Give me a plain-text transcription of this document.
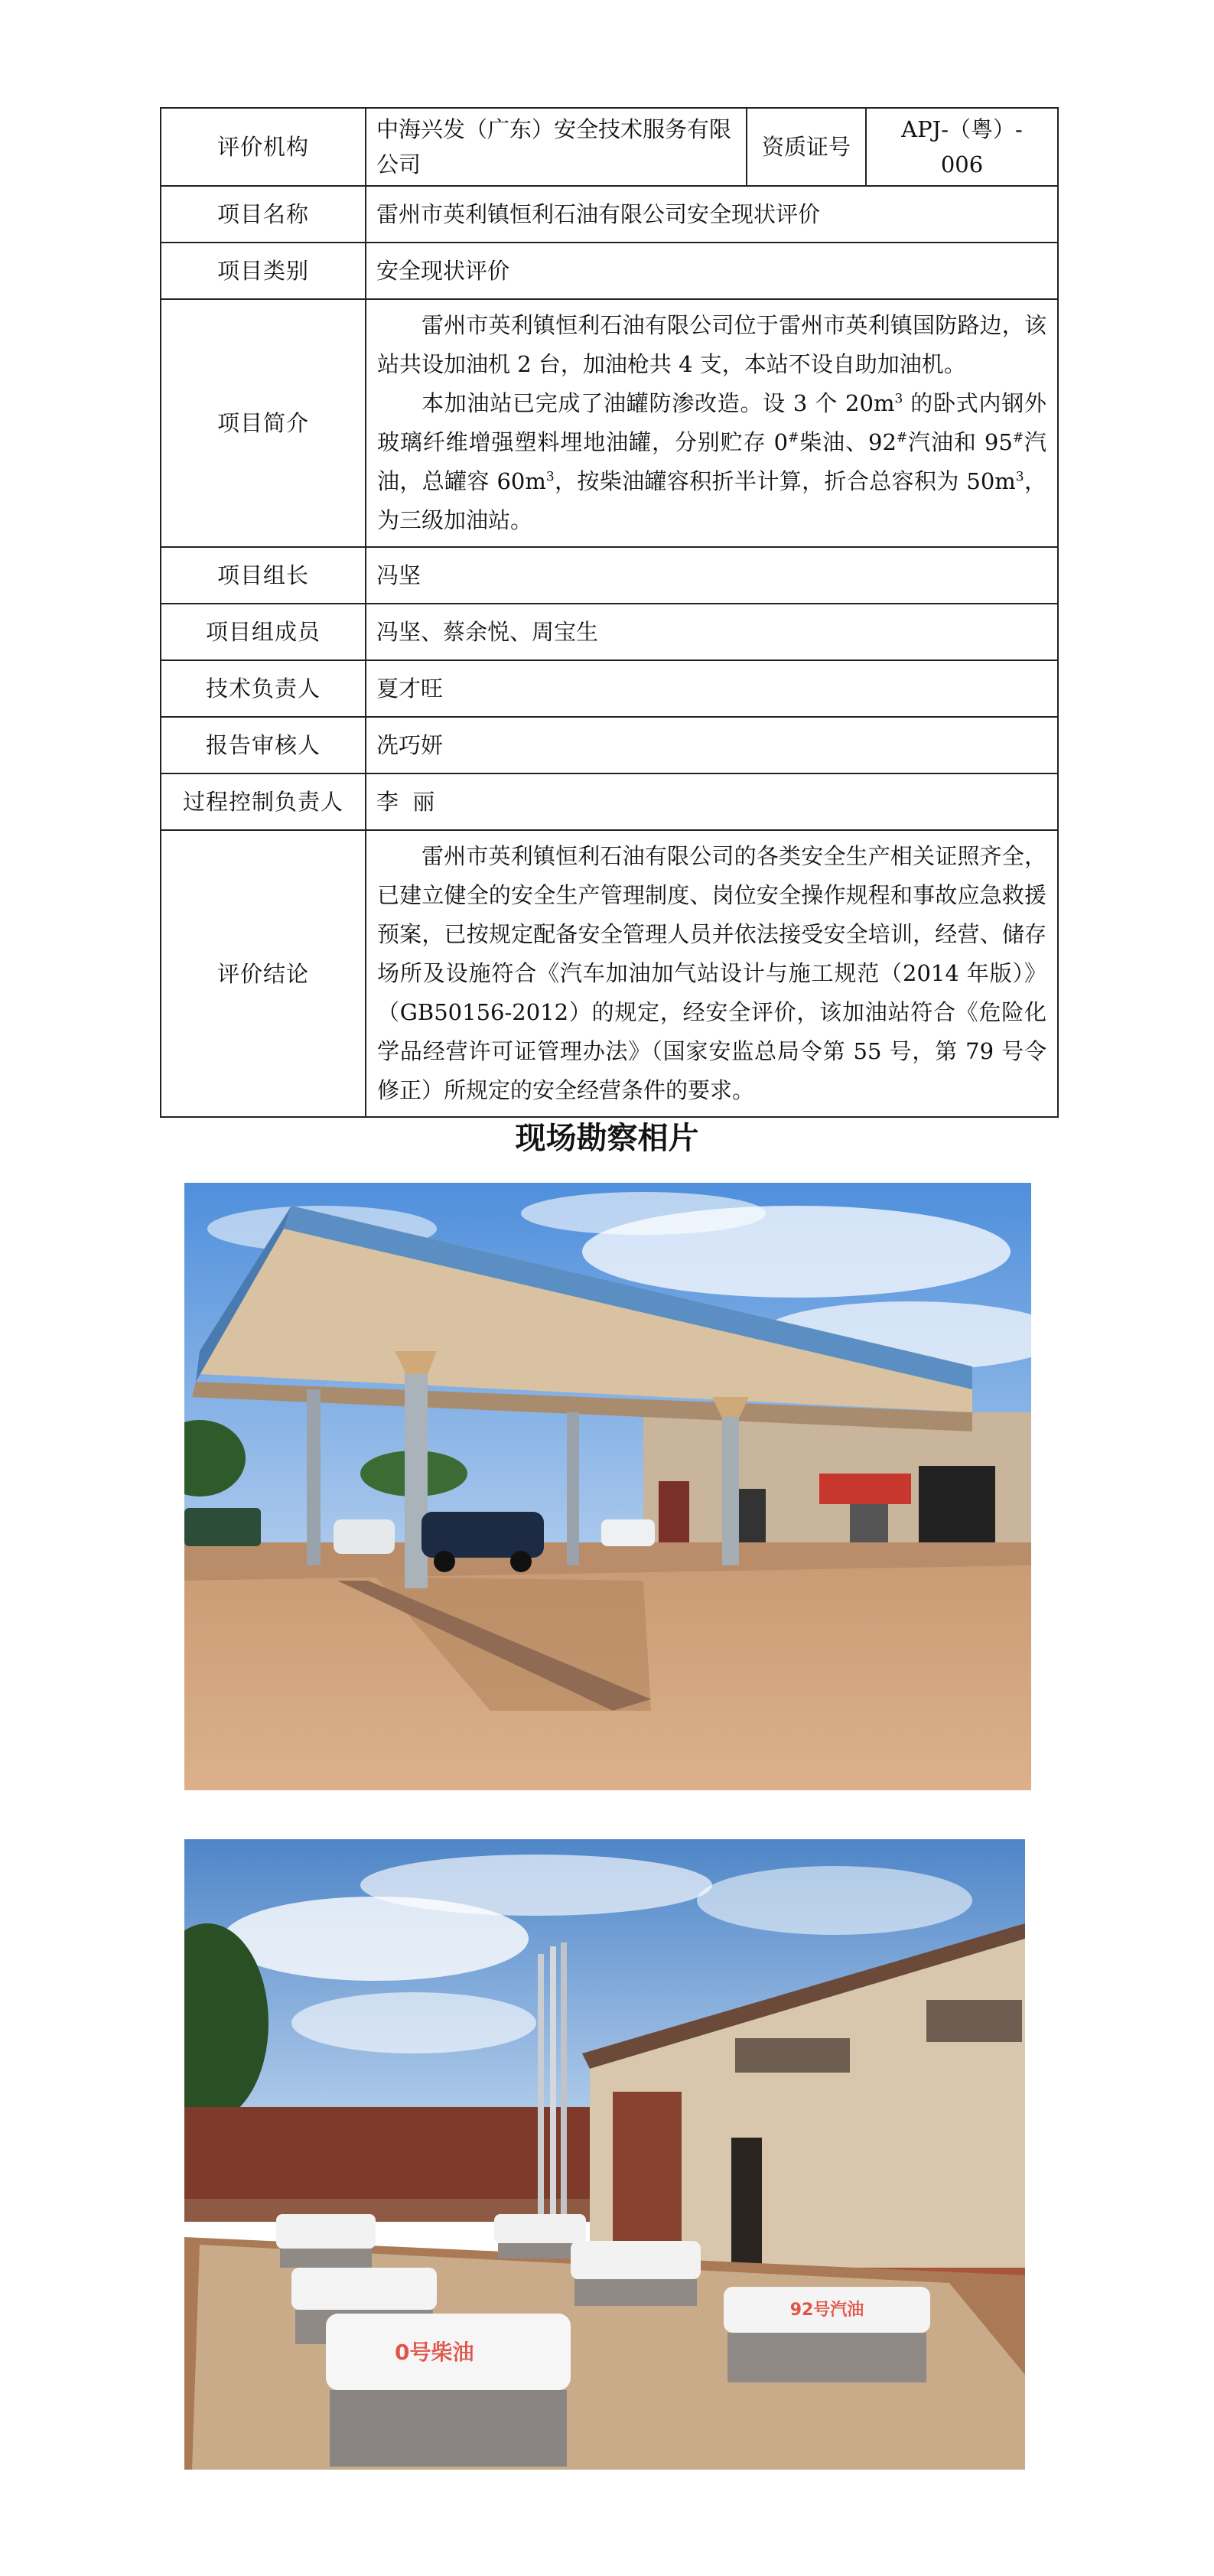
评价机构	中海兴发（广东）安全技术服务有限公司	资质证号	APJ-（粤）- 006
项目名称	雷州市英利镇恒利石油有限公司安全现状评价		
项目类别	安全现状评价		
项目简介	雷州市英利镇恒利石油有限公司位于雷州市英利镇国防路边，该站共设加油机 2 台，加油枪共 4 支，本站不设自助加油机。

本加油站已完成了油罐防渗改造。设 3 个 $20m^3$ 的卧式内钢外玻璃纤维增强塑料埋地油罐，分别贮存 0#柴油、92#汽油和 95#汽油，总罐容 $60m^3$，按柴油罐容积折半计算，折合总容积为 $50m^3$，为三级加油站。		

项目组长	冯坚		
项目组成员	冯坚、蔡余悦、周宝生		
技术负责人	夏才旺		
报告审核人	冼巧妍		
过程控制负责人	李  丽		
评价结论	雷州市英利镇恒利石油有限公司的各类安全生产相关证照齐全，已建立健全的安全生产管理制度、岗位安全操作规程和事故应急救援预案，已按规定配备安全管理人员并依法接受安全培训，经营、储存场所及设施符合《汽车加油加气站设计与施工规范（2014 年版）》（GB50156-2012）的规定，经安全评价，该加油站符合《危险化学品经营许可证管理办法》（国家安监总局令第 55 号，第 79 号令修正）所规定的安全经营条件的要求。		

现场勘察相片
92号汽油
0号柴油
